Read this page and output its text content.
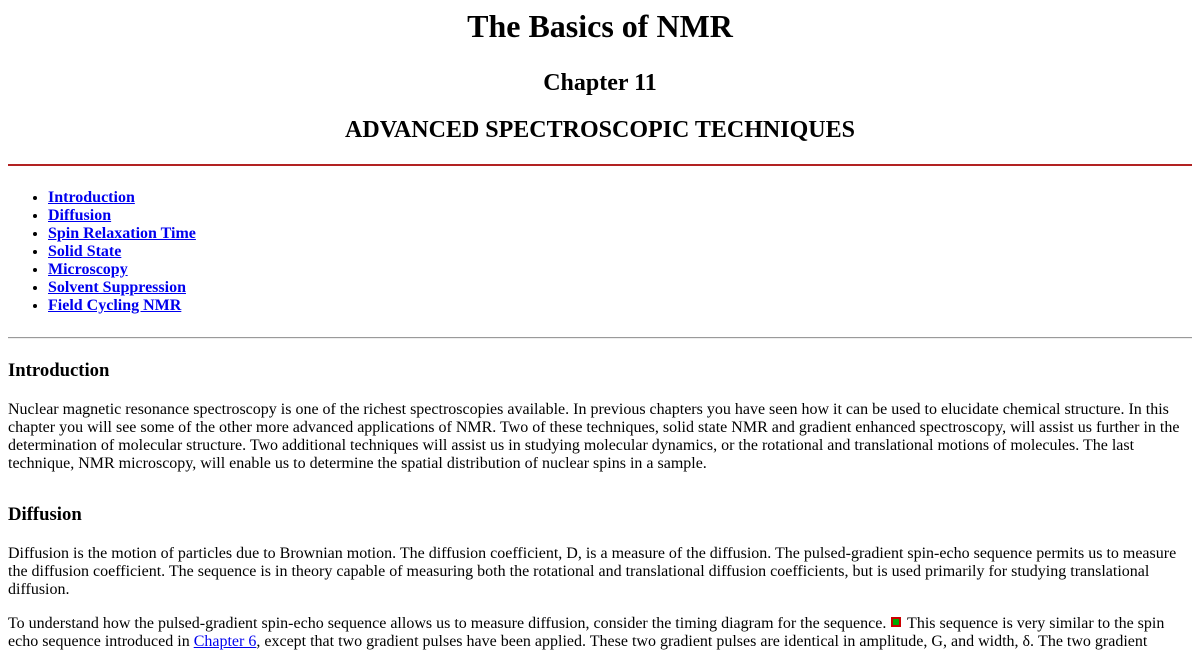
The Basics of NMR
Chapter 11
ADVANCED SPECTROSCOPIC TECHNIQUES
• Introduction
• Diffusion
• Spin Relaxation Time
• Solid State
• Microscopy
• Solvent Suppression
• Field Cycling NMR
Introduction

Nuclear magnetic resonance spectroscopy is one of the richest spectroscopies available. In previous chapters you have seen how it can be used to elucidate chemical structure. In this chapter you will see some of the other more advanced applications of NMR. Two of these techniques, solid state NMR and gradient enhanced spectroscopy, will assist us further in the determination of molecular structure. Two additional techniques will assist us in studying molecular dynamics, or the rotational and translational motions of molecules. The last technique, NMR microscopy, will enable us to determine the spatial distribution of nuclear spins in a sample.

Diffusion

Diffusion is the motion of particles due to Brownian motion. The diffusion coefficient, D, is a measure of the diffusion. The pulsed-gradient spin-echo sequence permits us to measure the diffusion coefficient. The sequence is in theory capable of measuring both the rotational and translational diffusion coefficients, but is used primarily for studying translational diffusion.

To understand how the pulsed-gradient spin-echo sequence allows us to measure diffusion, consider the timing diagram for the sequence.  This sequence is very similar to the spin echo sequence introduced in Chapter 6, except that two gradient pulses have been applied. These two gradient pulses are identical in amplitude, G, and width, δ. The two gradient
